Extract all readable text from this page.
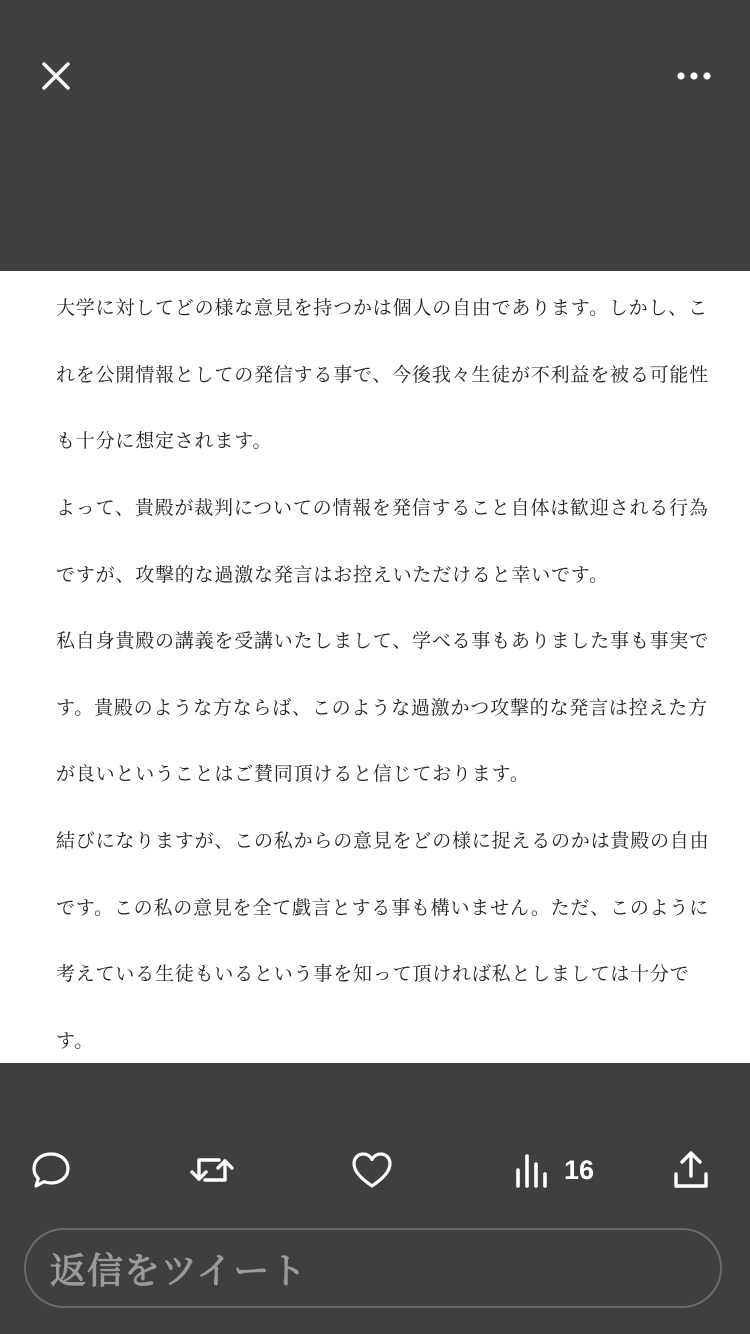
大学に対してどの様な意見を持つかは個人の自由であります。しかし、こ
れを公開情報としての発信する事で、今後我々生徒が不利益を被る可能性
も十分に想定されます。
よって、貴殿が裁判についての情報を発信すること自体は歓迎される行為
ですが、攻撃的な過激な発言はお控えいただけると幸いです。
私自身貴殿の講義を受講いたしまして、学べる事もありました事も事実で
す。貴殿のような方ならば、このような過激かつ攻撃的な発言は控えた方
が良いということはご賛同頂けると信じております。
結びになりますが、この私からの意見をどの様に捉えるのかは貴殿の自由
です。この私の意見を全て戯言とする事も構いません。ただ、このように
考えている生徒もいるという事を知って頂ければ私としましては十分で
す。
16
返信をツイート
